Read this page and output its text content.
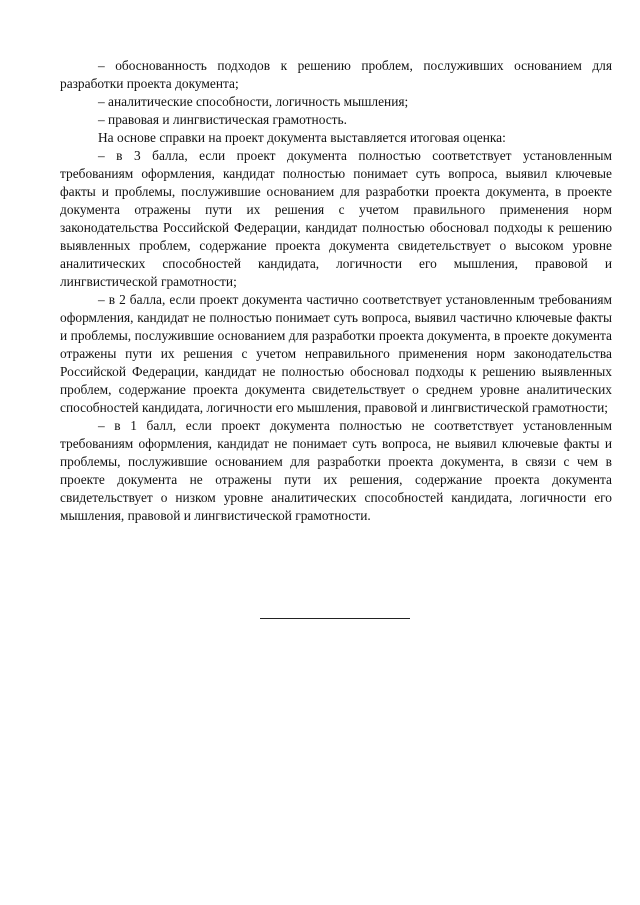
– обоснованность подходов к решению проблем, послуживших основанием для разработки проекта документа;

– аналитические способности, логичность мышления;

– правовая и лингвистическая грамотность.

На основе справки на проект документа выставляется итоговая оценка:

– в 3 балла, если проект документа полностью соответствует установленным требованиям оформления, кандидат полностью понимает суть вопроса, выявил ключевые факты и проблемы, послужившие основанием для разработки проекта документа, в проекте документа отражены пути их решения с учетом правильного применения норм законодательства Российской Федерации, кандидат полностью обосновал подходы к решению выявленных проблем, содержание проекта документа свидетельствует о высоком уровне аналитических способностей кандидата, логичности его мышления, правовой и лингвистической грамотности;

– в 2 балла, если проект документа частично соответствует установленным требованиям оформления, кандидат не полностью понимает суть вопроса, выявил частично ключевые факты и проблемы, послужившие основанием для разработки проекта документа, в проекте документа отражены пути их решения с учетом неправильного применения норм законодательства Российской Федерации, кандидат не полностью обосновал подходы к решению выявленных проблем, содержание проекта документа свидетельствует о среднем уровне аналитических способностей кандидата, логичности его мышления, правовой и лингвистической грамотности;

– в 1 балл, если проект документа полностью не соответствует установленным требованиям оформления, кандидат не понимает суть вопроса, не выявил ключевые факты и проблемы, послужившие основанием для разработки проекта документа, в связи с чем в проекте документа не отражены пути их решения, содержание проекта документа свидетельствует о низком уровне аналитических способностей кандидата, логичности его мышления, правовой и лингвистической грамотности.
